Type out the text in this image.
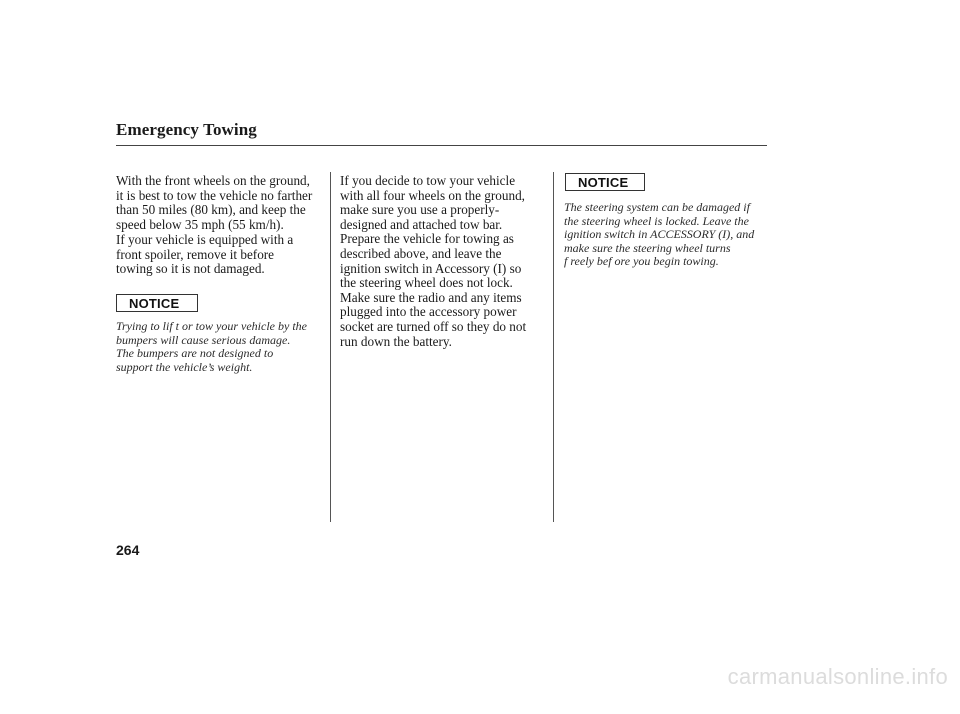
Emergency Towing

With the front wheels on the ground,
it is best to tow the vehicle no farther
than 50 miles (80 km), and keep the
speed below 35 mph (55 km/h).

If your vehicle is equipped with a
front spoiler, remove it before
towing so it is not damaged.

NOTICE

Trying to lif t or tow your vehicle by the
bumpers will cause serious damage.
The bumpers are not designed to
support the vehicle’s weight.

If you decide to tow your vehicle
with all four wheels on the ground,
make sure you use a properly-
designed and attached tow bar.
Prepare the vehicle for towing as
described above, and leave the
ignition switch in Accessory (I) so
the steering wheel does not lock.
Make sure the radio and any items
plugged into the accessory power
socket are turned off so they do not
run down the battery.

NOTICE

The steering system can be damaged if
the steering wheel is locked. Leave the
ignition switch in ACCESSORY (I), and
make sure the steering wheel turns
f reely bef ore you begin towing.

264
carmanualsonline.info
